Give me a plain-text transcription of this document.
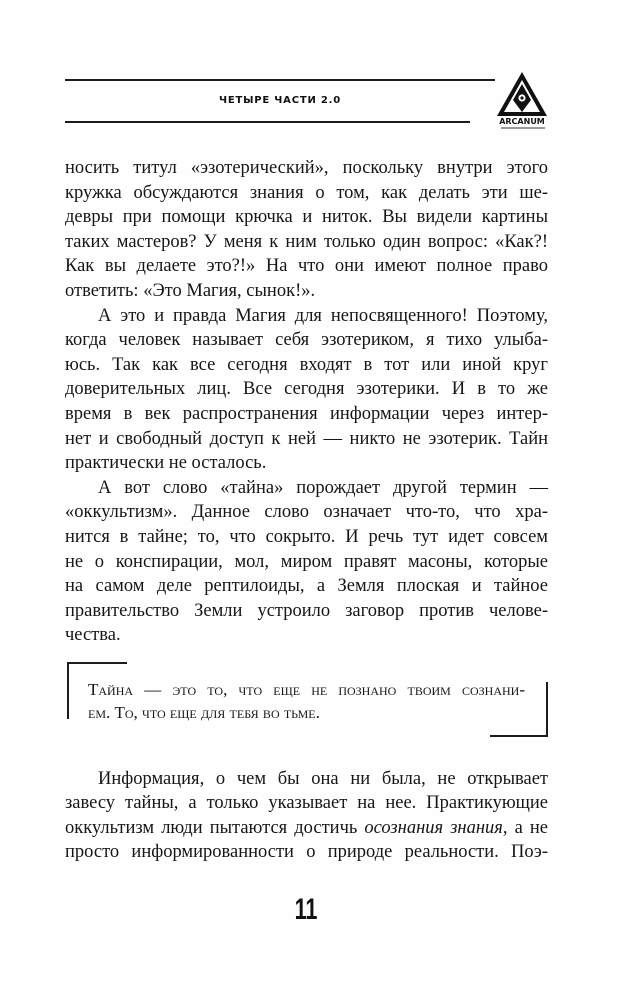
ЧЕТЫРЕ ЧАСТИ 2.0
ARCANUM
носить титул «эзотерический», поскольку внутри этого
кружка обсуждаются знания о том, как делать эти ше-
девры при помощи крючка и ниток. Вы видели картины
таких мастеров? У меня к ним только один вопрос: «Как?!
Как вы делаете это?!» На что они имеют полное право
ответить: «Это Магия, сынок!».
А это и правда Магия для непосвященного! Поэтому,
когда человек называет себя эзотериком, я тихо улыба-
юсь. Так как все сегодня входят в тот или иной круг
доверительных лиц. Все сегодня эзотерики. И в то же
время в век распространения информации через интер-
нет и свободный доступ к ней — никто не эзотерик. Тайн
практически не осталось.
А вот слово «тайна» порождает другой термин —
«оккультизм». Данное слово означает что-то, что хра-
нится в тайне; то, что сокрыто. И речь тут идет совсем
не о конспирации, мол, миром правят масоны, которые
на самом деле рептилоиды, а Земля плоская и тайное
правительство Земли устроило заговор против челове-
чества.
Тайна — это то, что еще не познано твоим сознани-
ем. То, что еще для тебя во тьме.
Информация, о чем бы она ни была, не открывает
завесу тайны, а только указывает на нее. Практикующие
оккультизм люди пытаются достичь осознания знания, а не
просто информированности о природе реальности. Поэ-
11
